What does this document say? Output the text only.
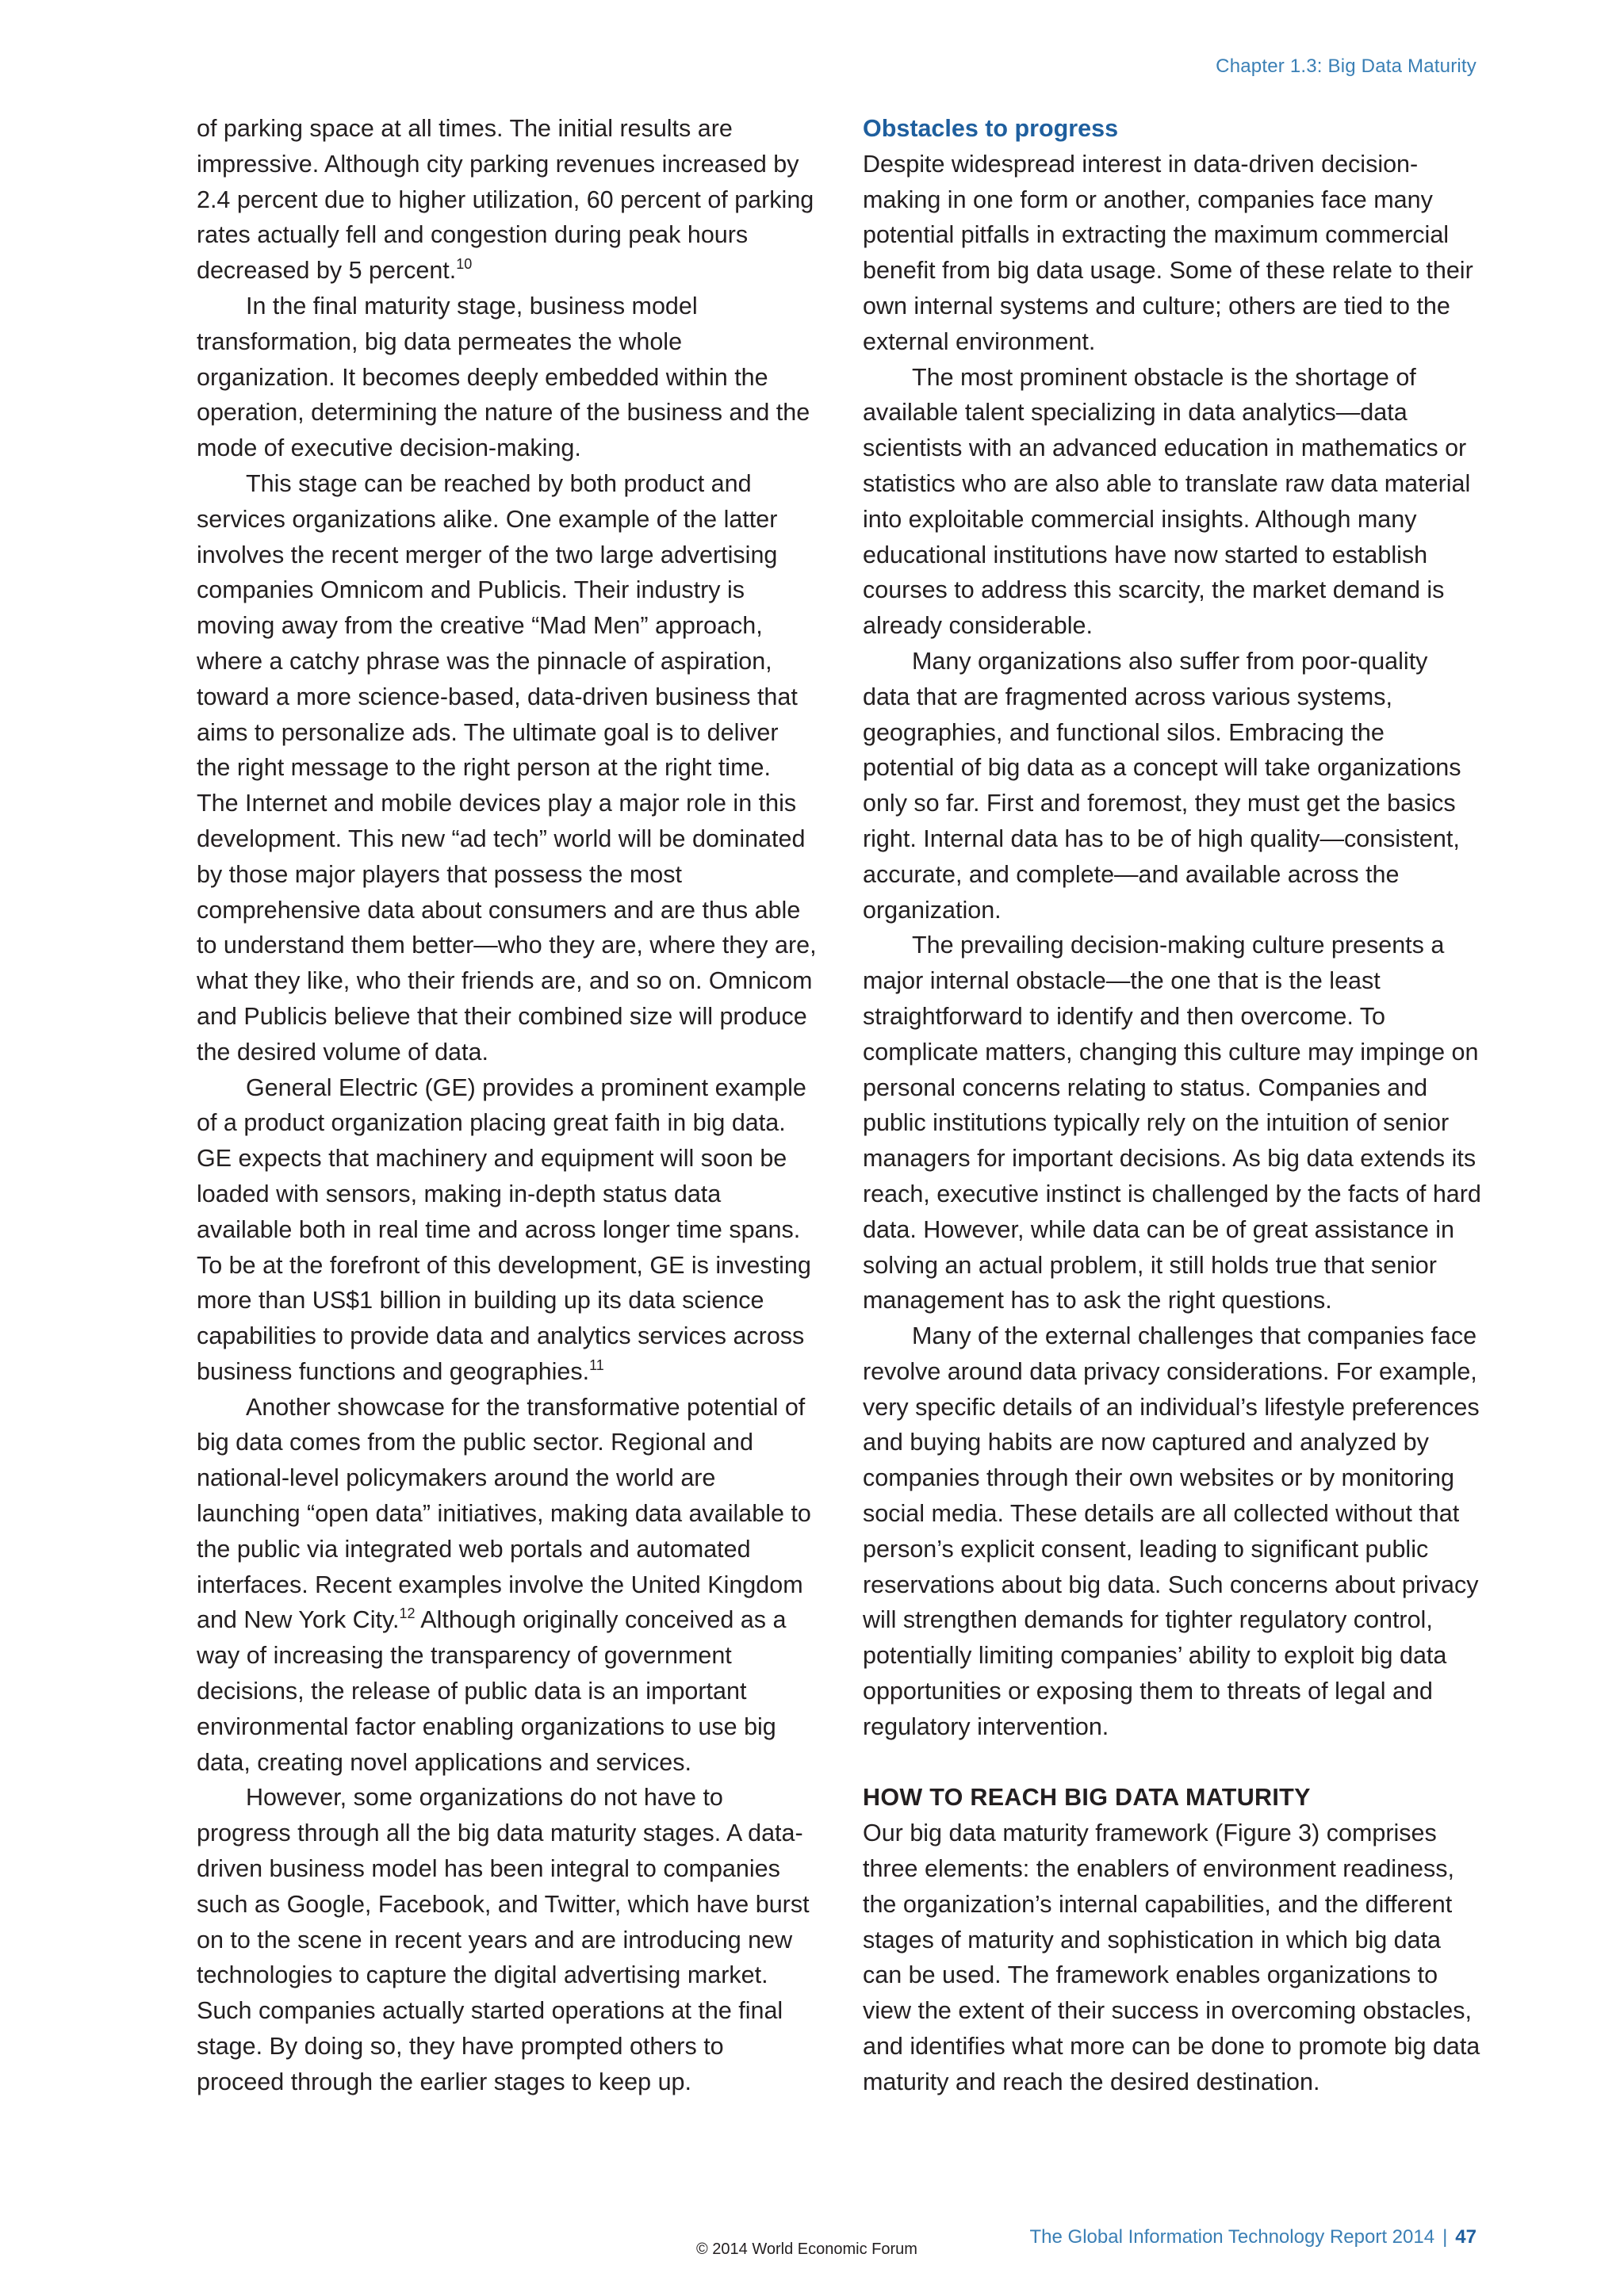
Chapter 1.3: Big Data Maturity

of parking space at all times. The initial results are impressive. Although city parking revenues increased by 2.4 percent due to higher utilization, 60 percent of parking rates actually fell and congestion during peak hours decreased by 5 percent.$^{10}$

In the final maturity stage, business model transformation, big data permeates the whole organization. It becomes deeply embedded within the operation, determining the nature of the business and the mode of executive decision-making.

This stage can be reached by both product and services organizations alike. One example of the latter involves the recent merger of the two large advertising companies Omnicom and Publicis. Their industry is moving away from the creative “Mad Men” approach, where a catchy phrase was the pinnacle of aspiration, toward a more science-based, data-driven business that aims to personalize ads. The ultimate goal is to deliver the right message to the right person at the right time. The Internet and mobile devices play a major role in this development. This new “ad tech” world will be dominated by those major players that possess the most comprehensive data about consumers and are thus able to understand them better—who they are, where they are, what they like, who their friends are, and so on. Omnicom and Publicis believe that their combined size will produce the desired volume of data.

General Electric (GE) provides a prominent example of a product organization placing great faith in big data. GE expects that machinery and equipment will soon be loaded with sensors, making in-depth status data available both in real time and across longer time spans. To be at the forefront of this development, GE is investing more than US$1 billion in building up its data science capabilities to provide data and analytics services across business functions and geographies.$^{11}$

Another showcase for the transformative potential of big data comes from the public sector. Regional and national-level policymakers around the world are launching “open data” initiatives, making data available to the public via integrated web portals and automated interfaces. Recent examples involve the United Kingdom and New York City.$^{12}$ Although originally conceived as a way of increasing the transparency of government decisions, the release of public data is an important environmental factor enabling organizations to use big data, creating novel applications and services.

However, some organizations do not have to progress through all the big data maturity stages. A data-driven business model has been integral to companies such as Google, Facebook, and Twitter, which have burst on to the scene in recent years and are introducing new technologies to capture the digital advertising market. Such companies actually started operations at the final stage. By doing so, they have prompted others to proceed through the earlier stages to keep up.

Obstacles to progress

Despite widespread interest in data-driven decision-making in one form or another, companies face many potential pitfalls in extracting the maximum commercial benefit from big data usage. Some of these relate to their own internal systems and culture; others are tied to the external environment.

The most prominent obstacle is the shortage of available talent specializing in data analytics—data scientists with an advanced education in mathematics or statistics who are also able to translate raw data material into exploitable commercial insights. Although many educational institutions have now started to establish courses to address this scarcity, the market demand is already considerable.

Many organizations also suffer from poor-quality data that are fragmented across various systems, geographies, and functional silos. Embracing the potential of big data as a concept will take organizations only so far. First and foremost, they must get the basics right. Internal data has to be of high quality—consistent, accurate, and complete—and available across the organization.

The prevailing decision-making culture presents a major internal obstacle—the one that is the least straightforward to identify and then overcome. To complicate matters, changing this culture may impinge on personal concerns relating to status. Companies and public institutions typically rely on the intuition of senior managers for important decisions. As big data extends its reach, executive instinct is challenged by the facts of hard data. However, while data can be of great assistance in solving an actual problem, it still holds true that senior management has to ask the right questions.

Many of the external challenges that companies face revolve around data privacy considerations. For example, very specific details of an individual’s lifestyle preferences and buying habits are now captured and analyzed by companies through their own websites or by monitoring social media. These details are all collected without that person’s explicit consent, leading to significant public reservations about big data. Such concerns about privacy will strengthen demands for tighter regulatory control, potentially limiting companies’ ability to exploit big data opportunities or exposing them to threats of legal and regulatory intervention.

HOW TO REACH BIG DATA MATURITY

Our big data maturity framework (Figure 3) comprises three elements: the enablers of environment readiness, the organization’s internal capabilities, and the different stages of maturity and sophistication in which big data can be used. The framework enables organizations to view the extent of their success in overcoming obstacles, and identifies what more can be done to promote big data maturity and reach the desired destination.

The Global Information Technology Report 2014 | 47
© 2014 World Economic Forum
